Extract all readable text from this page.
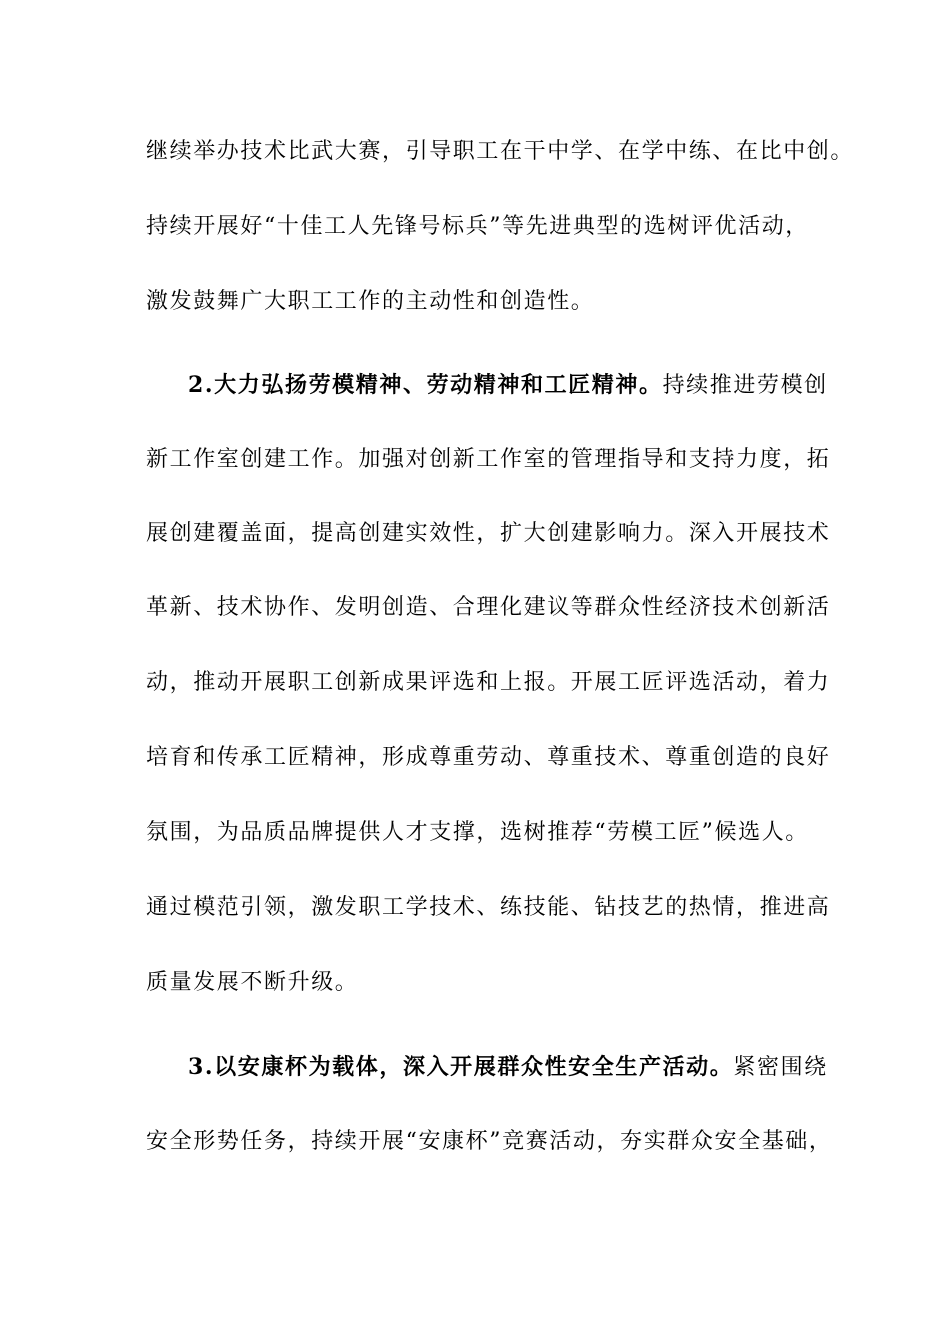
继续举办技术比武大赛，引导职工在干中学、在学中练、在比中创。
持续开展好“十佳工人先锋号标兵”等先进典型的选树评优活动，
激发鼓舞广大职工工作的主动性和创造性。
2.大力弘扬劳模精神、劳动精神和工匠精神。持续推进劳模创
新工作室创建工作。加强对创新工作室的管理指导和支持力度，拓
展创建覆盖面，提高创建实效性，扩大创建影响力。深入开展技术
革新、技术协作、发明创造、合理化建议等群众性经济技术创新活
动，推动开展职工创新成果评选和上报。开展工匠评选活动，着力
培育和传承工匠精神，形成尊重劳动、尊重技术、尊重创造的良好
氛围，为品质品牌提供人才支撑，选树推荐“劳模工匠”候选人。
通过模范引领，激发职工学技术、练技能、钻技艺的热情，推进高
质量发展不断升级。
3.以安康杯为载体，深入开展群众性安全生产活动。紧密围绕
安全形势任务，持续开展“安康杯”竞赛活动，夯实群众安全基础，
